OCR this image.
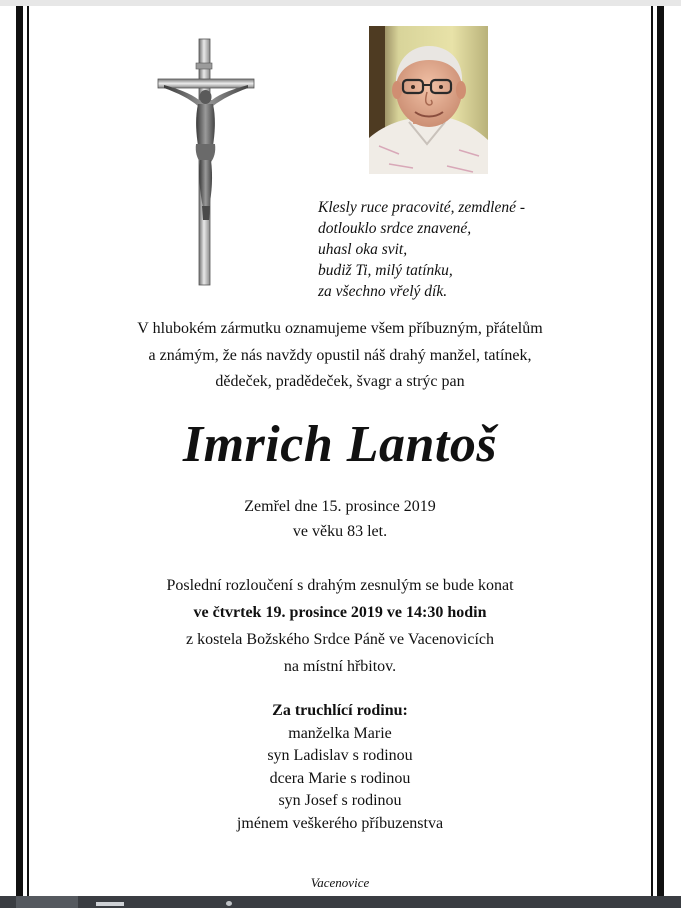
Klesly ruce pracovité, zemdlené -
dotlouklo srdce znavené,
uhasl oka svit,
budiž Ti, milý tatínku,
za všechno vřelý dík.
V hlubokém zármutku oznamujeme všem příbuzným, přátelům
a známým, že nás navždy opustil náš drahý manžel, tatínek,
dědeček, pradědeček, švagr a strýc pan
Imrich Lantoš
Zemřel dne 15. prosince 2019
ve věku 83 let.
Poslední rozloučení s drahým zesnulým se bude konat
ve čtvrtek 19. prosince 2019 ve 14:30 hodin
z kostela Božského Srdce Páně ve Vacenovicích
na místní hřbitov.
Za truchlící rodinu:
manželka Marie
syn Ladislav s rodinou
dcera Marie s rodinou
syn Josef s rodinou
jménem veškerého příbuzenstva
Vacenovice
